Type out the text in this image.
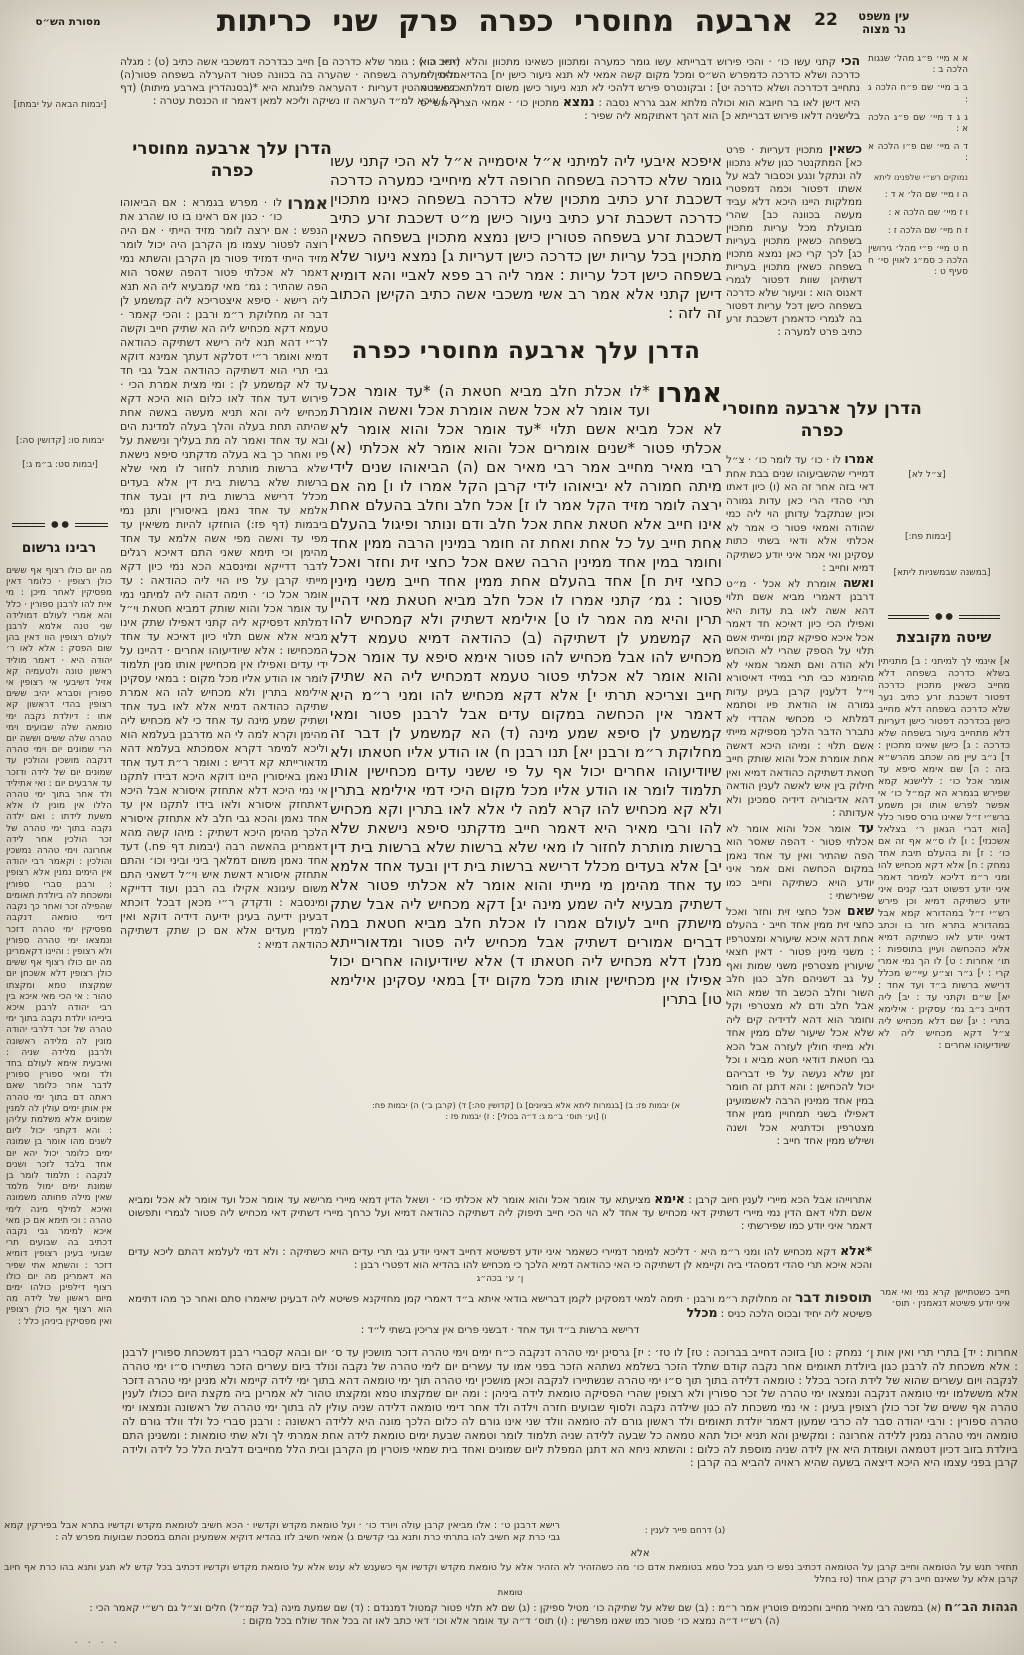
מסורת הש״ס	ארבעה מחוסרי כפרה פרק שני כריתות	22	עין משפט
נר מצוה
א א מיי׳ פ״ג מהל׳ שגגות הלכה ב :
ב ב מיי׳ שם פ״ח הלכה ג :
ג ג ד מיי׳ שם פ״ג הלכה א :
ד ה מיי׳ שם פ״ו הלכה א :
נמוקים רש״י שלפנינו ליתא
ה ו מיי׳ שם הל׳ א ד :
ו ז מיי׳ שם הלכה א :
ז ח מיי׳ שם הלכה ז :
ח ט מיי׳ פ״י מהל׳ גירושין הלכה כ סמ״ג לאוין סי׳ ח סעיף ט :
הכי קתני עשו כו׳ · והכי פירוש דברייתא עשו גומר כמערה ומתכוון כשאינו מתכוון והלא דינא הוא כדרכה ושלא כדרכה כדמפרש הש״ס ומכל מקום קשה אמאי לא תנא ניעור כישן יח] בהדיא ולית ליה נתחייב דכדרכה ושלא כדרכה יט] : ובקונטרס פירש דלהכי לא תנא ניעור כישן משום דמלתא דפשיטא היא דישן לאו בר חיובא הוא וכולה מלתא אגב גררא נסבה : נמצא מתכוין כו׳ · אמאי הצריך הש״ס בלישניה דלאו פירוש דברייתא כ] הוא דהך דאתוקמא ליה שפיר :
כשאין מתכוין דעריות · פרט כא] המתקנטר כגון שלא נתכוון לה ונתקל ונגע וכסבור לבא על אשתו דפטור וכמה דמפטרי ממלקות היינו היכא דלא עביד מעשה בכוונה כב] שהרי מבועלת מכל עריות מתכוין בשפחה כשאין מתכוין בעריות כג] לכך קרי כאן נמצא מתכוין בשפחה כשאין מתכוין בעריות דשתיהן שוות דפטור לגמרי דאנוס הוא : וניעור שלא כדרכה בשפחה כישן דכל עריות דפטור בה לגמרי כדאמרן דשכבת זרע כתיב פרט למערה :
הדרן עלך ארבעה מחוסרי
כפרה

אמרו לו · כו׳ עד לומר כו׳ · צ״ל דמיירי שהשביעוהו שנים בבת אחת דאי בזה אחר זה הא (ו) כיון דאתו תרי סהדי הרי כאן עדות גמורה וכיון שנתקבל עדותן הוי ליה כמי שהודה ואמאי פטור כי אמר לא אכלתי אלא ודאי בשתי כתות עסקינן ואי אמר איני יודע כשתיקה דמיא וחייב :

ואשה אומרת לא אכל · מ״ט דרבנן דאמרי מביא אשם תלוי דהא אשה לאו בת עדות היא ואפילו הכי כיון דאיכא חד דאמר אכל איכא ספיקא קמן ומייתי אשם תלוי על הספק שהרי לא הוכחש ולא הודה ואם תאמר אמאי לא מהימנא כבי תרי במידי דאיסורא וי״ל דלענין קרבן בעינן עדות גמורה או הודאת פיו וסתמא דמלתא כי מכחשי אהדדי לא נתברר הדבר הלכך מספיקא מייתי אשם תלוי : ומיהו היכא דאשה אחת אומרת אכל והוא שותק חייב חטאת דשתיקה כהודאה דמיא ואין חילוק בין איש לאשה לענין הודאה דהא אדיבוריה דידיה סמכינן ולא אעדותה :

עד אומר אכל והוא אומר לא אכלתי פטור · דהפה שאסר הוא הפה שהתיר ואין עד אחד נאמן במקום הכחשה ואם אמר איני יודע הויא כשתיקה וחייב כמו שפירשתי :

שאם אכל כחצי זית וחזר ואכל כחצי זית ממין אחד חייב · בהעלם אחת דהא איכא שיעורא ומצטרפין : משני מינין פטור · דאין חצאי שיעורין מצטרפין משני שמות ואף על גב דשניהם חלב כגון חלב השור וחלב הכשב חד שמא הוא אבל חלב ודם לא מצטרפי וקל וחומר הוא דהא לדידיה קים ליה שלא אכל שיעור שלם ממין אחד ולא מייתי חולין לעזרה אבל הכא גבי חטאת דודאי חטא מביא ו וכל זמן שלא נעשה על פי דבריהם יכול להכחישן : והא דתנן זה חומר במין אחד ממינין הרבה לאשמועינן דאפילו בשני תמחויין ממין אחד מצטרפין וכדתניא אכל ושנה ושילש ממין אחד חייב :

[צ״ל לא]
[יבמות פח:]
[במשנה שבמשניות ליתא]
שיטה מקובצת
א] אינמי לך למיתני : ב] מתניתין בשלא כדרכה בשפחה דלא מחייב כשאין מתכוין כדרכה דפטור דשכבת זרע כתיב נער שלא כדרכה בשפחה דלא מחייב כישן בכדרכה דפטור כישן דעריות דלא מתחייב ניעור בשפחה שלא כדרכה : ג] כישן שאינו מתכוין : ד] נ״ב עיין מה שכתב מהרש״א בזה : ה] שם אימא סיפא עד אומר אכל כו׳ : ללישנא קמא שפירש בגמרא הא קמ״ל כו׳ אי אפשר לפרש אותו וכן משמע ברש״י ז״ל שאינו גורס ספור כלל [הוא דברי הגאון ר׳ בצלאל אשכנזי] : ו] לו ס״א אף זה אם כו׳ : ז] ות בהעלם תיבת אחד נמחק : ח] אלא דקא מכחיש להו ומני ר״מ דליכא למימר דאמר איני יודע דפשוט דגבי קנים איני יודע כשתיקה דמיא וכן פירש רש״י ז״ל במהדורא קמא אבל במהדורא בתרא חזר בו וכתב דאיני יודע לאו כשתיקה דמיא אלא כהכחשה ועיין בתוספות : תו׳ אחרות : ט] לו הך נמי אמרי קרי : י] ג״ר וצ״ע עיי״ש מכלל דרישא ברשות ב״ד ועד אחד : יא] ש״ם וקתני עד : יב] ליה דחייב נ״ב גמ׳ עסקינן · אילימא בתרי : יג] שם דלא מכחיש ליה צ״ל דקא מכחיש ליה לא שיודיעוהו אחרים :
איפכא איבעי ליה למיתני א״ל איסמייה א״ל לא הכי קתני עשו גומר שלא כדרכה בשפחה חרופה דלא מיחייבי כמערה כדרכה דשכבת זרע כתיב מתכוין שלא כדרכה בשפחה כאינו מתכוין כדרכה דשכבת זרע כתיב ניעור כישן מ״ט דשכבת זרע כתיב דשכבת זרע בשפחה פטורין כישן נמצא מתכוין בשפחה כשאין מתכוין בכל עריות ישן כדרכה כישן דעריות ג] נמצא ניעור שלא בשפחה כישן דכל עריות : אמר ליה רב פפא לאביי והא דומיא דישן קתני אלא אמר רב אשי משכבי אשה כתיב הקישן הכתוב זה לזה :
הדרן עלך ארבעה מחוסרי כפרה
אמרו
*לו אכלת חלב מביא חטאת ה) *עד אומר אכל ועד אומר לא אכל אשה אומרת אכל ואשה אומרת לא אכל מביא אשם תלוי *עד אומר אכל והוא אומר לא אכלתי פטור *שנים אומרים אכל והוא אומר לא אכלתי (א) רבי מאיר מחייב אמר רבי מאיר אם (ה) הביאוהו שנים לידי מיתה חמורה לא יביאוהו לידי קרבן הקל אמרו לו ו] מה אם ירצה לומר מזיד הקל אמר לו ז] אכל חלב וחלב בהעלם אחת אינו חייב אלא חטאת אחת אכל חלב ודם ונותר ופיגול בהעלם אחת חייב על כל אחת ואחת זה חומר במינין הרבה ממין אחד וחומר במין אחד ממינין הרבה שאם אכל כחצי זית וחזר ואכל כחצי זית ח] אחד בהעלם אחת ממין אחד חייב משני מינין פטור : גמ׳ קתני אמרו לו אכל חלב מביא חטאת מאי דהיין תרין והיא מה אמר לו ט] אילימא דשתיק ולא קמכחיש להו הא קמשמע לן דשתיקה (ב) כהודאה דמיא טעמא דלא מכחיש להו אבל מכחיש להו פטור אימא סיפא עד אומר אכל והוא אומר לא אכלתי פטור טעמא דמכחיש ליה הא שתיק חייב וצריכא תרתי י] אלא דקא מכחיש להו ומני ר״מ היא דאמר אין הכחשה במקום עדים אבל לרבנן פטור ומאי קמשמע לן סיפא שמע מינה (ד) הא קמשמע לן דבר זה מחלוקת ר״מ ורבנן יא] תנו רבנן ח) או הודע אליו חטאתו ולא שיודיעוהו אחרים יכול אף על פי ששני עדים מכחישין אותו תלמוד לומר או הודע אליו מכל מקום היכי דמי אילימא בתרין ולא קא מכחיש להו קרא למה לי אלא לאו בתרין וקא מכחיש להו ורבי מאיר היא דאמר חייב מדקתני סיפא נישאת שלא ברשות מותרת לחזור לו מאי שלא ברשות שלא ברשות בית דין יב] אלא בעדים מכלל דרישא ברשות בית דין ובעד אחד אלמא עד אחד מהימן מי מייתי והוא אומר לא אכלתי פטור אלא דשתיק מבעיא ליה שמע מינה יג] דקא מכחיש ליה אבל שתק מישתק חייב לעולם אמרו לו אכלת חלב מביא חטאת במה דברים אמורים דשתיק אבל מכחיש ליה פטור ומדאורייתא מנלן דלא מכחיש ליה חטאתו ד) אלא שיודיעוהו אחרים יכול אפילו אין מכחישין אותו מכל מקום יד] במאי עסקינן אילימא טו] בתרין
א) יבמות פז: ב) [בגמרות ליתא אלא בציונים] ג) [קדושין סה:] ד) (קרבן ב׳) ה) יבמות פח:
ו) [וע׳ תוס׳ ב״מ ג: ד״ה בכולי] : ז) יבמות פז :
(חייב כו׳) : גומר שלא כדרכה ם] חייב כבדרכה דמשכבי אשה כתיב (ט) : מגלה מהטין ומערה בשפחה · שהערה בה בכוונה פטור דהערלה בשפחה פטור(ה) כשאינו מהטין דעריות · דהעראה פלוגתא היא *(בסנהדרין בארבע מיתות) (דף נה.) איכא למ״ד העראה זו נשיקה וליכא למאן דאמר זו הכנסת עטרה :
הדרן עלך ארבעה מחוסרי
כפרה
אמרו
לו · מפרש בגמרא : אם הביאוהו כו׳ · כגון אם ראינו בו טו שהרג את הנפש : אם ירצה לומר מזיד הייתי · אם היה רוצה לפטור עצמו מן הקרבן היה יכול לומר מזיד הייתי דמזיד פטור מן הקרבן והשתא נמי דאמר לא אכלתי פטור דהפה שאסר הוא הפה שהתיר : גמ׳ מאי קמבעיא ליה הא תנא ליה רישא · סיפא איצטריכא ליה קמשמע לן דבר זה מחלוקת ר״מ ורבנן : והכי קאמר · טעמא דקא מכחיש ליה הא שתיק חייב וקשה לר״י דהא תנא ליה רישא דשתיקה כהודאה דמיא ואומר ר״י דסלקא דעתך אמינא דוקא גבי תרי הוא דשתיקה כהודאה אבל גבי חד עד לא קמשמע לן : ומי מצית אמרת הכי · פירוש דעד אחד לאו כלום הוא היכא דקא מכחיש ליה והא תניא מעשה באשה אחת שהיתה תחת בעלה והלך בעלה למדינת הים ובא עד אחד ואמר לה מת בעליך ונישאת על פיו ואחר כך בא בעלה מדקתני סיפא נישאת שלא ברשות מותרת לחזור לו מאי שלא ברשות שלא ברשות בית דין אלא בעדים מכלל דרישא ברשות בית דין ובעד אחד אלמא עד אחד נאמן באיסורין ותנן נמי ביבמות (דף פז:) הוחזקו להיות משיאין עד מפי עד ואשה מפי אשה אלמא עד אחד מהימן וכי תימא שאני התם דאיכא רגלים לדבר דדייקא ומינסבא הכא נמי כיון דקא מייתי קרבן על פיו הוי ליה כהודאה : עד אומר אכל כו׳ · תימה דהוה ליה למיתני נמי עד אומר אכל והוא שותק דמביא חטאת וי״ל דמלתא דפסיקא ליה קתני דאפילו שתק אינו מביא אלא אשם תלוי כיון דאיכא עד אחד המכחישו : אלא שיודיעוהו אחרים · דהיינו על ידי עדים ואפילו אין מכחישין אותו מנין תלמוד לומר או הודע אליו מכל מקום : במאי עסקינן אילימא בתרין ולא מכחיש להו הא אמרת שתיקה כהודאה דמיא אלא לאו בעד אחד ושתיק שמע מינה עד אחד כי לא מכחיש ליה מהימן וקרא למה לי הא מדרבנן בעלמא הוא וליכא למימר דקרא אסמכתא בעלמא דהא מדאורייתא קא דריש : ואומר ר״ת דעד אחד נאמן באיסורין היינו דוקא היכא דבידו לתקנו אי נמי היכא דלא אתחזק איסורא אבל היכא דאתחזק איסורא ולאו בידו לתקנו אין עד אחד נאמן והכא גבי חלב לא אתחזק איסורא הלכך מהימן היכא דשתיק : מיהו קשה מהא דאמרינן בהאשה רבה (יבמות דף פח.) דעד אחד נאמן משום דמלאך ביני וביני וכו׳ והתם אתחזק איסורא דאשת איש וי״ל דשאני התם משום עיגונא אקילו בה רבנן ועוד דדייקא ומינסבא : ודקדק ר״י מכאן דבכל דוכתא דבעינן ידיעה בעינן ידיעה דידיה דוקא ואין למדין מעדים אלא אם כן שתק דשתיקה כהודאה דמיא :
[יבמות הבאה על יבמתו]
יבמות סו: [קדושין סה:]
[יבמות סט: ב״מ ג:]
רבינו גרשום
מה יום כולו רצוף אף ששים כולן רצופין · כלומר דאין מפסיקין לאחר מיכן : מי אית להו לרבנן ספורין · כלל והא אמרי לעולם דמולידה שני טנה אלמא לרבנן לעולם רצופין הוו דאין בהן שום הפסק : אלא לאו ר׳ יהודה היא · דאמר מוליד ראשון טונה ולטעמיה קא אזיל דשיבעי אי רצופין אי ספורין וסברא יהיב ששים רצופין בהדי דראשון קא אתו : דיולדת נקבה ימי טומאה שלה שבועים וימי טהרה שלה ששים וששה יום הרי שמונים יום וימי טהרה דנקבה מושכין והולכין עד שמונים יום של לידה ודזכר עד ארבעים יום : ואי אתיליד ולד אחר בתוך ימי טהרה הללו אין מונין לו אלא משעת לידתו : ואם ילדה נקבה בתוך ימי טהרה של זכר הולכין אחר לידה אחרונה וימי טהרה נמשכין והולכין : וקאמר רבי יהודה אין הימים נמנין אלא רצופין : ורבנן סברי ספורין ומשכחת לה ביולדת תאומים שהפילה זכר ואחר כך נקבה דימי טומאה דנקבה מפסיקין ימי טהרה דזכר ונמצאו ימי טהרה ספורין ולא רצופין : והיינו דקאמרינן מה יום כולו רצוף אף ששים כולן רצופין דלא אשכחן יום שמקצתו טמא ומקצתו טהור : אי הכי מאי איכא בין רבי יהודה לרבנן איכא בינייהו יולדת נקבה בתוך ימי טהרה של זכר דלרבי יהודה מונין לה מלידה ראשונה ולרבנן מלידה שניה : ואיבעית אימא לעולם בחד ולד ומאי ספורין ספורין לדבר אחר כלומר שאם ראתה דם בתוך ימי טהרה אין אותן ימים עולין לה למנין שמונים אלא משלמת עליהן : והא דקתני יכול ליום לשנים מהו אומר בן שמונה ימים כלומר יכול יהא יום אחד בלבד לזכר ושנים לנקבה : תלמוד לומר בן שמונת ימים ימול מלמד שאין מילה פחותה משמונה ואיכא למילף מינה לימי טהרה : וכי תימא אם כן מאי איכא למימר גבי נקבה דכתיב בה שבועים תרי שבועי בעינן רצופין דומיא דזכר : והשתא אתי שפיר הא דאמרינן מה יום כולו רצוף דילפינן כולהו ימים מיום ראשון של לידה מה הוא רצוף אף כולן רצופין ואין מפסיקין ביניהן כלל :
אתרוייהו אבל הכא מיירי לענין חיוב קרבן : אימא מציעתא עד אומר אכל והוא אומר לא אכלתי כו׳ · ושאל הדין דמאי מיירי מרישא עד אומר אכל ועד אומר לא אכל ומביא אשם תלוי דאם הדין נמי מיירי דשתיק דאי מכחיש עד אחד לא הוי הכי חייב תיפוק ליה דשתיקה כהודאה דמיא ועל כרחך מיירי דשתיק דאי מכחיש ליה פטור לגמרי ותפשוט דאמר איני יודע כמו שפירשתי :
*אלא דקא מכחיש להו ומני ר״מ היא · דליכא למימר דמיירי כשאמר איני יודע דפשיטא דחייב דאיני יודע גבי תרי עדים הויא כשתיקה : ולא דמי לעלמא דהתם ליכא עדים והכא איכא תרי סהדי דמסהדי ביה וקיימא לן דשתיקה כי האי כהודאה דמיא הלכך כי מכחיש להו בהדיא הוא דפטרי רבנן :
ן׳ ע׳ בכה״ג
חייב כשטתיישן קרא נמי ואי אמר איני יודע פשיטא דנאמנין · תוס׳
תוספות דבר זה מחלוקת ר״מ ורבנן · תימה למאי דמסקינן לקמן דברישא בודאי איתא ב״ד דאמרי קמן מחזיקנא פשיטא ליה דבעינן שיאמרו סתם ואחר כך מהו דתימא פשיטא ליה יחיד ובכוס הלכה כניס : מכלל
דרישא ברשות ב״ד ועד אחד · דבשני פרים אין צריכין בשתי ל״ד :
אחרות : יד] בתרי תרי ואין אות ן׳ נמחק : טו] בזוכה דחייב בברוכה : טז] לו טז׳ : יז] גרסינן ימי טהרה דנקבה כ״ח ימים וימי טהרה דזכר מושכין עד ס׳ יום ובהא קסברי רבנן דמשכחת ספורין לרבנן : אלא משכחת לה לרבנן כגון ביולדת תאומים אחר נקבה קודם שתלד הזכר בשלמא נשתהא הזכר בפני אמו עד עשרים יום לימי טהרה של נקבה ונולד ביום עשרים הזכר נשתיירו ס״ו ימי טהרה לנקבה ויום עשרים שהוא של לידת הזכר בכלל : טומאה דלידה בתוך תוך ס״ו ימי טהרה שנשתיירו לנקבה וכאן מושכין ימי טהרה תוך ימי טומאה דהא בתוך ימי לידה קיימא ולא מנינן ימי טהרה דזכר אלא מששלמו ימי טומאה דנקבה ונמצאו ימי טהרה של זכר ספורין ולא רצופין שהרי הפסיקה טומאת לידה ביניהן : ומה יום שמקצתו טמא ומקצתו טהור לא אמרינן ביה מקצת היום ככולו לענין טהרה אף ששים של זכר כולן רצופין בעינן : אי נמי משכחת לה כגון שילדה נקבה ולסוף שבועים חזרה וילדה ולד אחר דימי טומאה דלידה שניה עולין לה בתוך ימי טהרה של ראשונה ונמצאו ימי טהרה ספורין : ורבי יהודה סבר לה כרבי שמעון דאמר יולדת תאומים ולד ראשון גורם לה טומאה וולד שני אינו גורם לה כלום הלכך מונה היא ללידה ראשונה : ורבנן סברי כל ולד וולד גורם לה טומאה וימי טהרה נמנין ללידה אחרונה : ומקשינן והא תניא יכול תהא טמאה כל שבעה ללידה שניה תלמוד לומר וטמאה שבעת ימים טומאת לידה אחת אמרתי לך ולא שתי טומאות : ומשנינן התם ביולדת בזוב דכיון דטמאה ועומדת היא אין לידה שניה מוספת לה כלום : והשתא ניחא הא דתנן המפלת ליום שמונים ואחד בית שמאי פוטרין מן הקרבן ובית הלל מחייבים דלבית הלל כל לידה ולידה קרבן בפני עצמו היא היכא דיצאה בשעה שהיא ראויה להביא בה קרבן :
רישא דרבנן ט׳ : אלו מביאין קרבן עולה ויורד כו׳ · ועל טומאת מקדש וקדשיו · הכא חשיב לטומאת מקדש וקדשיו בתרא אבל בפירקין קמא גבי כרת קא חשיב להו בתרתי כרת ותנא גבי קדשים ג) אמאי חשיב לזו בהדיא דוקיא אשמעינן והתם במסכת שבועות מפרש לה :
(ג) דרחם פייר לענין :
אלא
תחזיר תנש על הטומאה וחייב קרבן על הטומאה דכתיב נפש כי תגע בכל טמא בטומאת אדם כו׳ מה כשהזהיר לא הזהיר אלא על טומאת מקדש וקדשיו אף כשענש לא ענש אלא על טומאת מקדש וקדשיו דכתיב בכל קדש לא תגע ותנא בהו כרת אף חיוב קרבן אלא על שאינם חייב רק קרבן אחד (טז בחלל
טומאת
הגהות הב״ח (א) במשנה רבי מאיר מחייב וחכמים פוטרין אמר ר״מ : (ב) שם שלא על שתיקה כו׳ מטיל ספיקן : (ג) שם לא תלוי פטור קמטול דמנגדם : (ד) שם שמעת מינה (בל קמ״ל) חלים וצ״ל גם רש״י קאמר הכי :
(ה) רש״י ד״ה נמצא כו׳ פטור כמו שאנו מפרשין : (ו) תוס׳ ד״ה עד אומר אלא וכו׳ דאי כתב לאו זה בכל אחד שולח בכל מקום :
· · · ·
